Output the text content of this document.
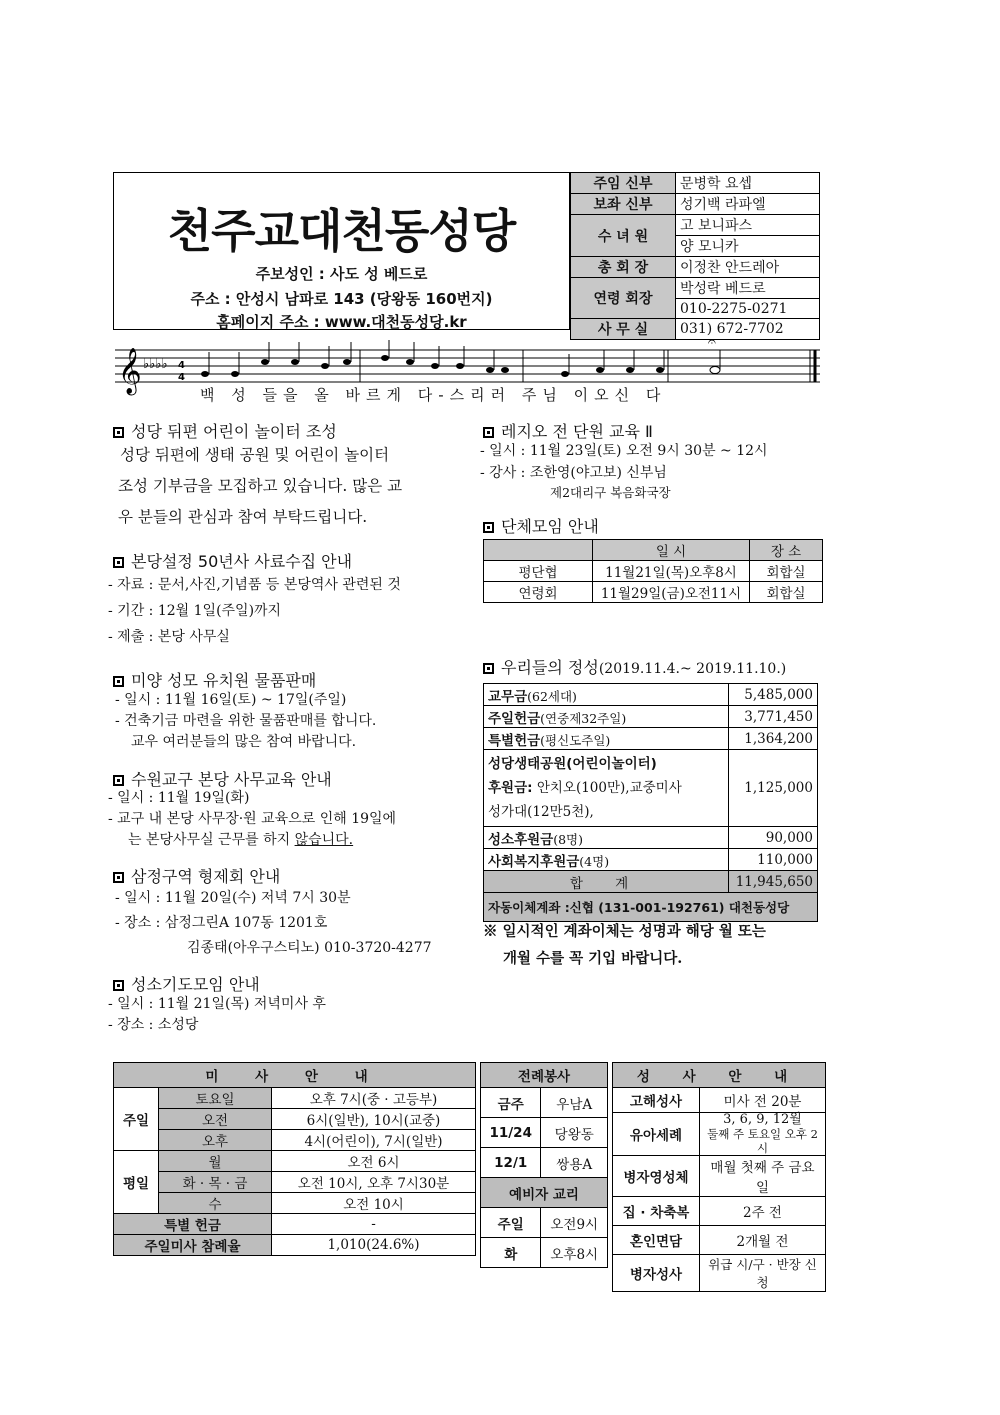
천주교대천동성당
주보성인 : 사도 성 베드로
주소 : 안성시 남파로 143 (당왕동 160번지)
홈페이지 주소 : www.대천동성당.kr
주임 신부	문병학 요셉
보좌 신부	성기백 라파엘
수 녀 원	고 보니파스
	양 모니카
총 회 장	이정찬 안드레아
연령 회장	박성락 베드로
	010-2275-0271
사 무 실	031) 672-7702
𝄞 ♭♭♭♭ 4
4
𝄐
백 성 들을 올 바르게 다-스리러 주님 이오신 다
성당 뒤편 어린이 놀이터 조성
성당 뒤편에 생태 공원 및 어린이 놀이터
조성 기부금을 모집하고 있습니다. 많은 교
우 분들의 관심과 참여 부탁드립니다.
본당설정 50년사 사료수집 안내
- 자료 : 문서,사진,기념품 등 본당역사 관련된 것
- 기간 : 12월 1일(주일)까지
- 제출 : 본당 사무실
미양 성모 유치원 물품판매
- 일시 : 11월 16일(토) ~ 17일(주일)
- 건축기금 마련을 위한 물품판매를 합니다.
교우 여러분들의 많은 참여 바랍니다.
수원교구 본당 사무교육 안내
- 일시 : 11월 19일(화)
- 교구 내 본당 사무장·원 교육으로 인해 19일에
는 본당사무실 근무를 하지 않습니다.
삼정구역 형제회 안내
- 일시 : 11월 20일(수) 저녁 7시 30분
- 장소 : 삼정그린A 107동 1201호
김종태(아우구스티노) 010-3720-4277
성소기도모임 안내
- 일시 : 11월 21일(목) 저녁미사 후
- 장소 : 소성당
레지오 전 단원 교육 Ⅱ
- 일시 : 11월 23일(토) 오전 9시 30분 ~ 12시
- 강사 : 조한영(야고보) 신부님
제2대리구 복음화국장
단체모임 안내
	일 시	장 소
평단협	11월21일(목)오후8시	회합실
연령회	11월29일(금)오전11시	회합실
우리들의 정성(2019.11.4.~ 2019.11.10.)
교무금(62세대)	5,485,000
주일헌금(연중제32주일)	3,771,450
특별헌금(평신도주일)	1,364,200

성당생태공원(어린이놀이터)
후원금: 안치오(100만),교중미사
성가대(12만5천),	1,125,000
성소후원금(8명)	90,000
사회복지후원금(4명)	110,000
합 계	11,945,650
자동이체계좌 :신협 (131-001-192761) 대천동성당	
※ 일시적인 계좌이체는 성명과 해당 월 또는
개월 수를 꼭 기입 바랍니다.
미 사 안 내		
주일	토요일	오후 7시(중 · 고등부)
	오전	6시(일반), 10시(교중)
	오후	4시(어린이), 7시(일반)
평일	월	오전 6시
	화 · 목 · 금	오전 10시, 오후 7시30분
	수	오전 10시
특별 헌금		-
주일미사 참례율		1,010(24.6%)
전례봉사	
금주	우남A
11/24	당왕동
12/1	쌍용A
예비자 교리	
주일	오전9시
화	오후8시
성 사 안 내	
고해성사	미사 전 20분
유아세례	3, 6, 9, 12월
둘째 주 토요일 오후 2시

병자영성체	매월 첫째 주 금요일
집 · 차축복	2주 전
혼인면담	2개월 전
병자성사	위급 시/구 · 반장 신청
